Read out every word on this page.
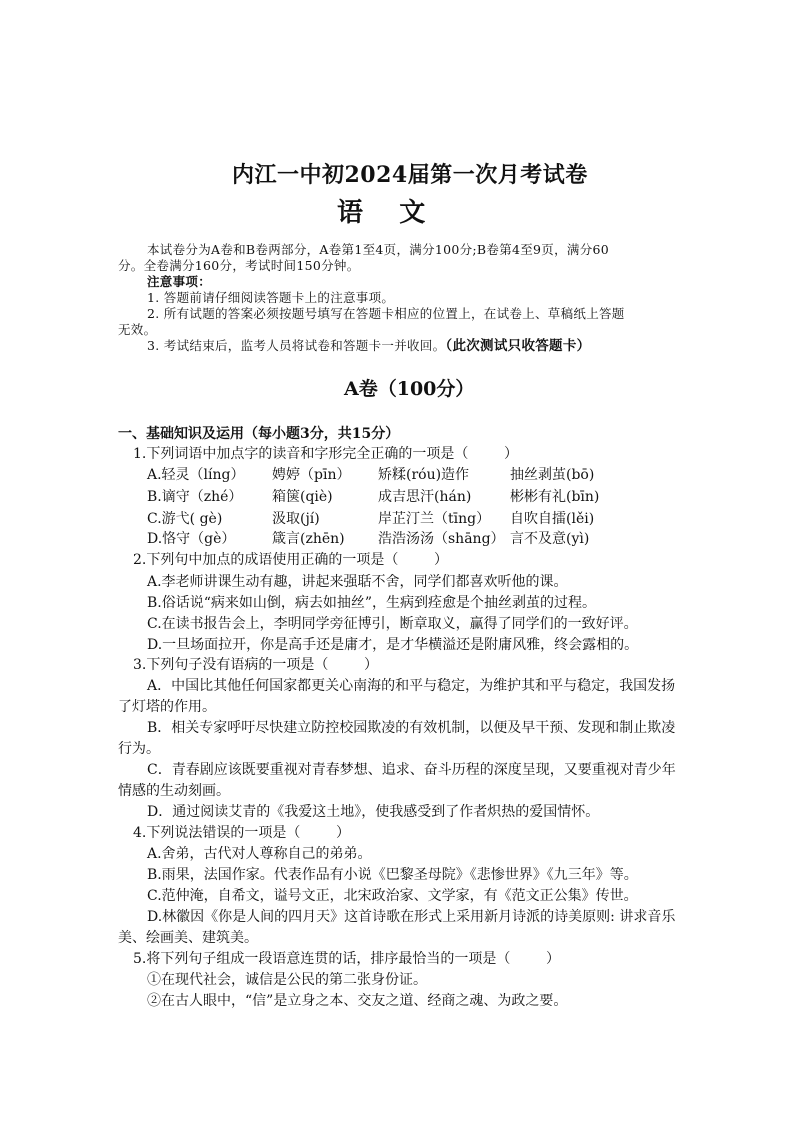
内江一中初2024届第一次月考试卷
语    文
本试卷分为A卷和B卷两部分，A卷第1至4页，满分100分;B卷第4至9页，满分60
分。全卷满分160分，考试时间150分钟。
注意事项：
1. 答题前请仔细阅读答题卡上的注意事项。
2. 所有试题的答案必须按题号填写在答题卡相应的位置上，在试卷上、草稿纸上答题
无效。
3. 考试结束后，监考人员将试卷和答题卡一并收回。（此次测试只收答题卡）
A卷（100分）
一、基础知识及运用（每小题3分，共15分）
1.下列词语中加点字的读音和字形完全正确的一项是（        ）
A.轻灵（líng） 娉婷（pīn） 矫糅(róu)造作	抽丝剥茧(bō)
B.谪守（zhé） 箱箧(qiè)	成吉思汗(hán)	彬彬有礼(bīn)
C.游弋( gè)	汲取(jí)	岸芷汀兰（tīng） 自吹自擂(lěi)
D.恪守（gè）	箴言(zhēn) 浩浩汤汤（shāng） 言不及意(yì)
2.下列句中加点的成语使用正确的一项是（        ）
A.李老师讲课生动有趣，讲起来强聒不舍，同学们都喜欢听他的课。
B.俗话说“病来如山倒，病去如抽丝”，生病到痊愈是个抽丝剥茧的过程。
C.在读书报告会上，李明同学旁征博引，断章取义，赢得了同学们的一致好评。
D.一旦场面拉开，你是高手还是庸才，是才华横溢还是附庸风雅，终会露相的。
3.下列句子没有语病的一项是（        ）
A．中国比其他任何国家都更关心南海的和平与稳定，为维护其和平与稳定，我国发扬
了灯塔的作用。
B．相关专家呼吁尽快建立防控校园欺凌的有效机制，以便及早干预、发现和制止欺凌
行为。
C．青春剧应该既要重视对青春梦想、追求、奋斗历程的深度呈现，又要重视对青少年
情感的生动刻画。
D．通过阅读艾青的《我爱这土地》，使我感受到了作者炽热的爱国情怀。
4.下列说法错误的一项是（        ）
A.舍弟，古代对人尊称自己的弟弟。
B.雨果，法国作家。代表作品有小说《巴黎圣母院》《悲惨世界》《九三年》等。
C.范仲淹，自希文，谥号文正，北宋政治家、文学家，有《范文正公集》传世。
D.林徽因《你是人间的四月天》这首诗歌在形式上采用新月诗派的诗美原则: 讲求音乐
美、绘画美、建筑美。
5.将下列句子组成一段语意连贯的话，排序最恰当的一项是（        ）
①在现代社会，诚信是公民的第二张身份证。
②在古人眼中，“信”是立身之本、交友之道、经商之魂、为政之要。
